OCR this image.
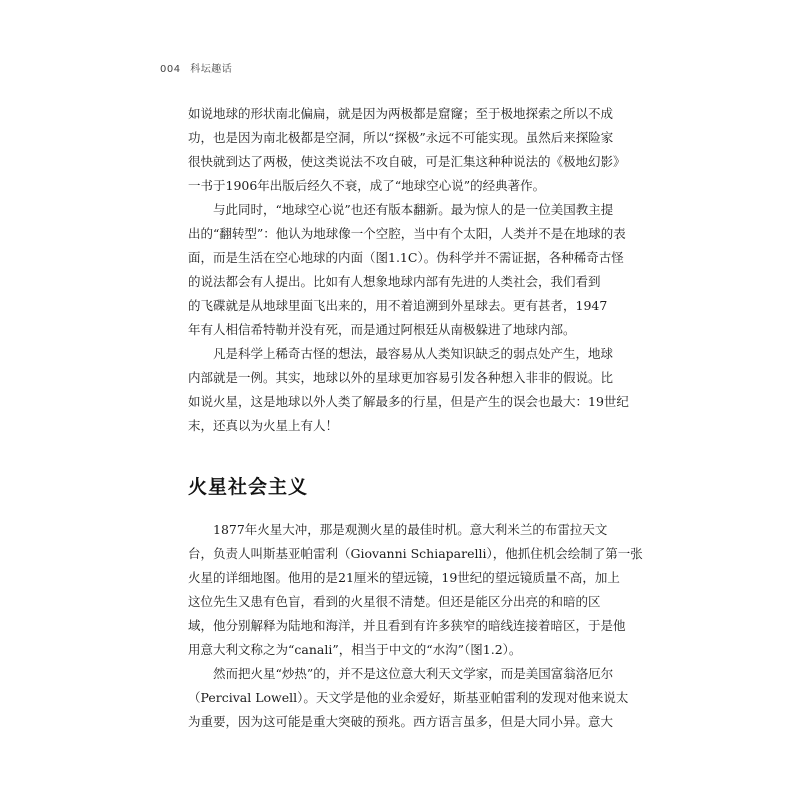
004 科坛趣话
如说地球的形状南北偏扁，就是因为两极都是窟窿；至于极地探索之所以不成
功，也是因为南北极都是空洞，所以“探极”永远不可能实现。虽然后来探险家
很快就到达了两极，使这类说法不攻自破，可是汇集这种种说法的《极地幻影》
一书于1906年出版后经久不衰，成了“地球空心说”的经典著作。
与此同时，“地球空心说”也还有版本翻新。最为惊人的是一位美国教主提
出的“翻转型”：他认为地球像一个空腔，当中有个太阳，人类并不是在地球的表
面，而是生活在空心地球的内面（图1.1C）。伪科学并不需证据，各种稀奇古怪
的说法都会有人提出。比如有人想象地球内部有先进的人类社会，我们看到
的飞碟就是从地球里面飞出来的，用不着追溯到外星球去。更有甚者，1947
年有人相信希特勒并没有死，而是通过阿根廷从南极躲进了地球内部。
凡是科学上稀奇古怪的想法，最容易从人类知识缺乏的弱点处产生，地球
内部就是一例。其实，地球以外的星球更加容易引发各种想入非非的假说。比
如说火星，这是地球以外人类了解最多的行星，但是产生的误会也最大：19世纪
末，还真以为火星上有人！
火星社会主义
1877年火星大冲，那是观测火星的最佳时机。意大利米兰的布雷拉天文
台，负责人叫斯基亚帕雷利（Giovanni Schiaparelli），他抓住机会绘制了第一张
火星的详细地图。他用的是21厘米的望远镜，19世纪的望远镜质量不高，加上
这位先生又患有色盲，看到的火星很不清楚。但还是能区分出亮的和暗的区
域，他分别解释为陆地和海洋，并且看到有许多狭窄的暗线连接着暗区，于是他
用意大利文称之为“canali”，相当于中文的“水沟”（图1.2）。
然而把火星“炒热”的，并不是这位意大利天文学家，而是美国富翁洛厄尔
（Percival Lowell）。天文学是他的业余爱好，斯基亚帕雷利的发现对他来说太
为重要，因为这可能是重大突破的预兆。西方语言虽多，但是大同小异。意大
